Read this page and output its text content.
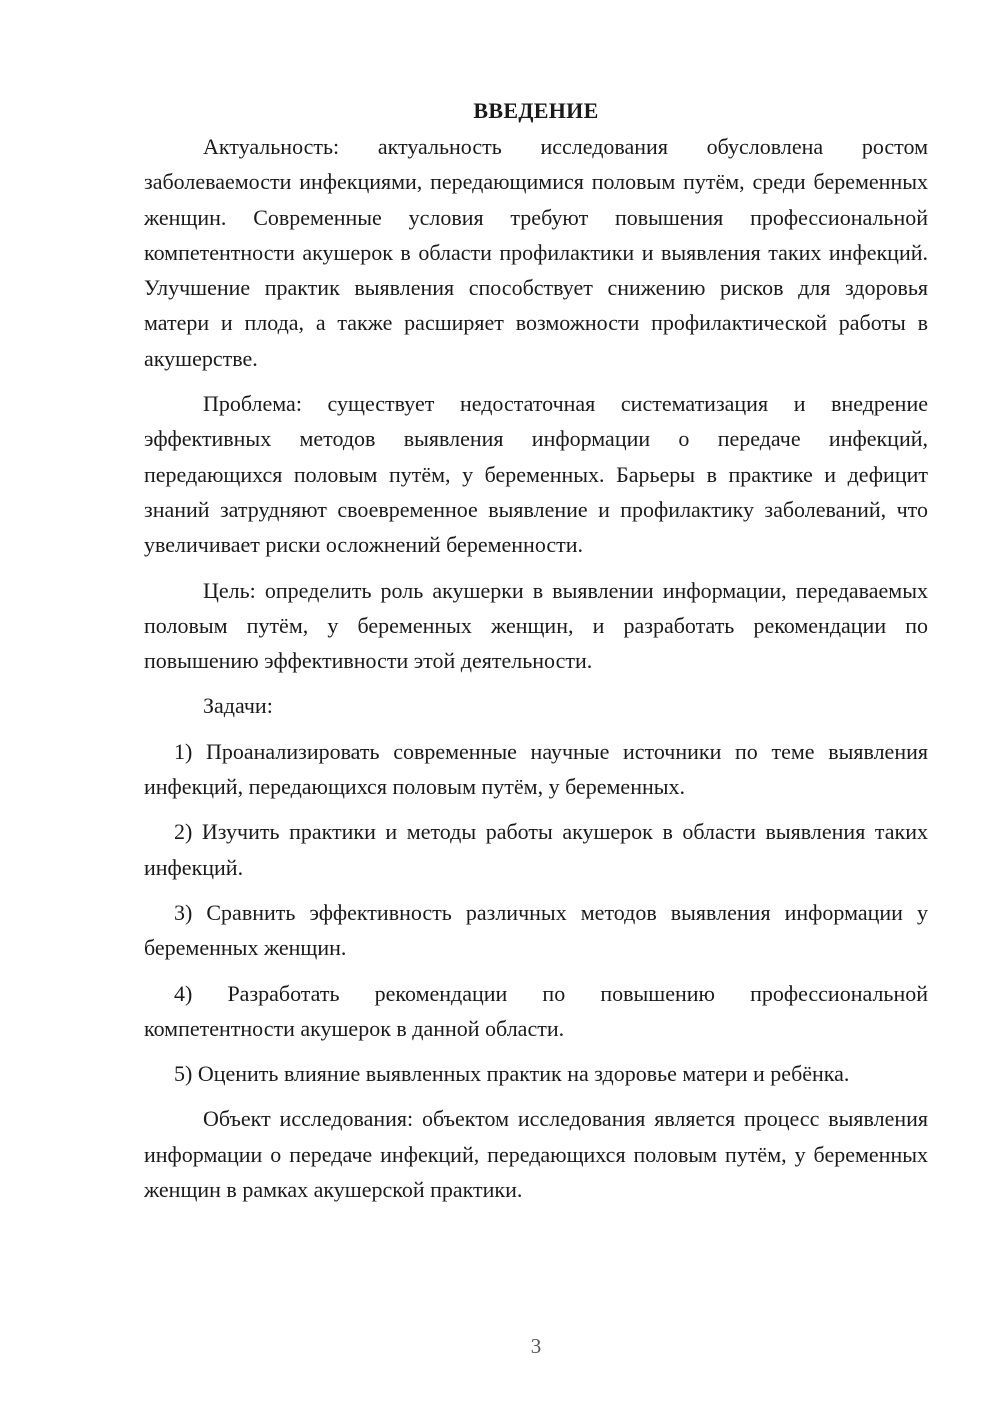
ВВЕДЕНИЕ

Актуальность: актуальность исследования обусловлена ростом заболеваемости инфекциями, передающимися половым путём, среди беременных женщин. Современные условия требуют повышения профессиональной компетентности акушерок в области профилактики и выявления таких инфекций. Улучшение практик выявления способствует снижению рисков для здоровья матери и плода, а также расширяет возможности профилактической работы в акушерстве.

Проблема: существует недостаточная систематизация и внедрение эффективных методов выявления информации о передаче инфекций, передающихся половым путём, у беременных. Барьеры в практике и дефицит знаний затрудняют своевременное выявление и профилактику заболеваний, что увеличивает риски осложнений беременности.

Цель: определить роль акушерки в выявлении информации, передаваемых половым путём, у беременных женщин, и разработать рекомендации по повышению эффективности этой деятельности.

Задачи:

1) Проанализировать современные научные источники по теме выявления инфекций, передающихся половым путём, у беременных.

2) Изучить практики и методы работы акушерок в области выявления таких инфекций.

3) Сравнить эффективность различных методов выявления информации у беременных женщин.

4) Разработать рекомендации по повышению профессиональной компетентности акушерок в данной области.

5) Оценить влияние выявленных практик на здоровье матери и ребёнка.

Объект исследования: объектом исследования является процесс выявления информации о передаче инфекций, передающихся половым путём, у беременных женщин в рамках акушерской практики.

3
